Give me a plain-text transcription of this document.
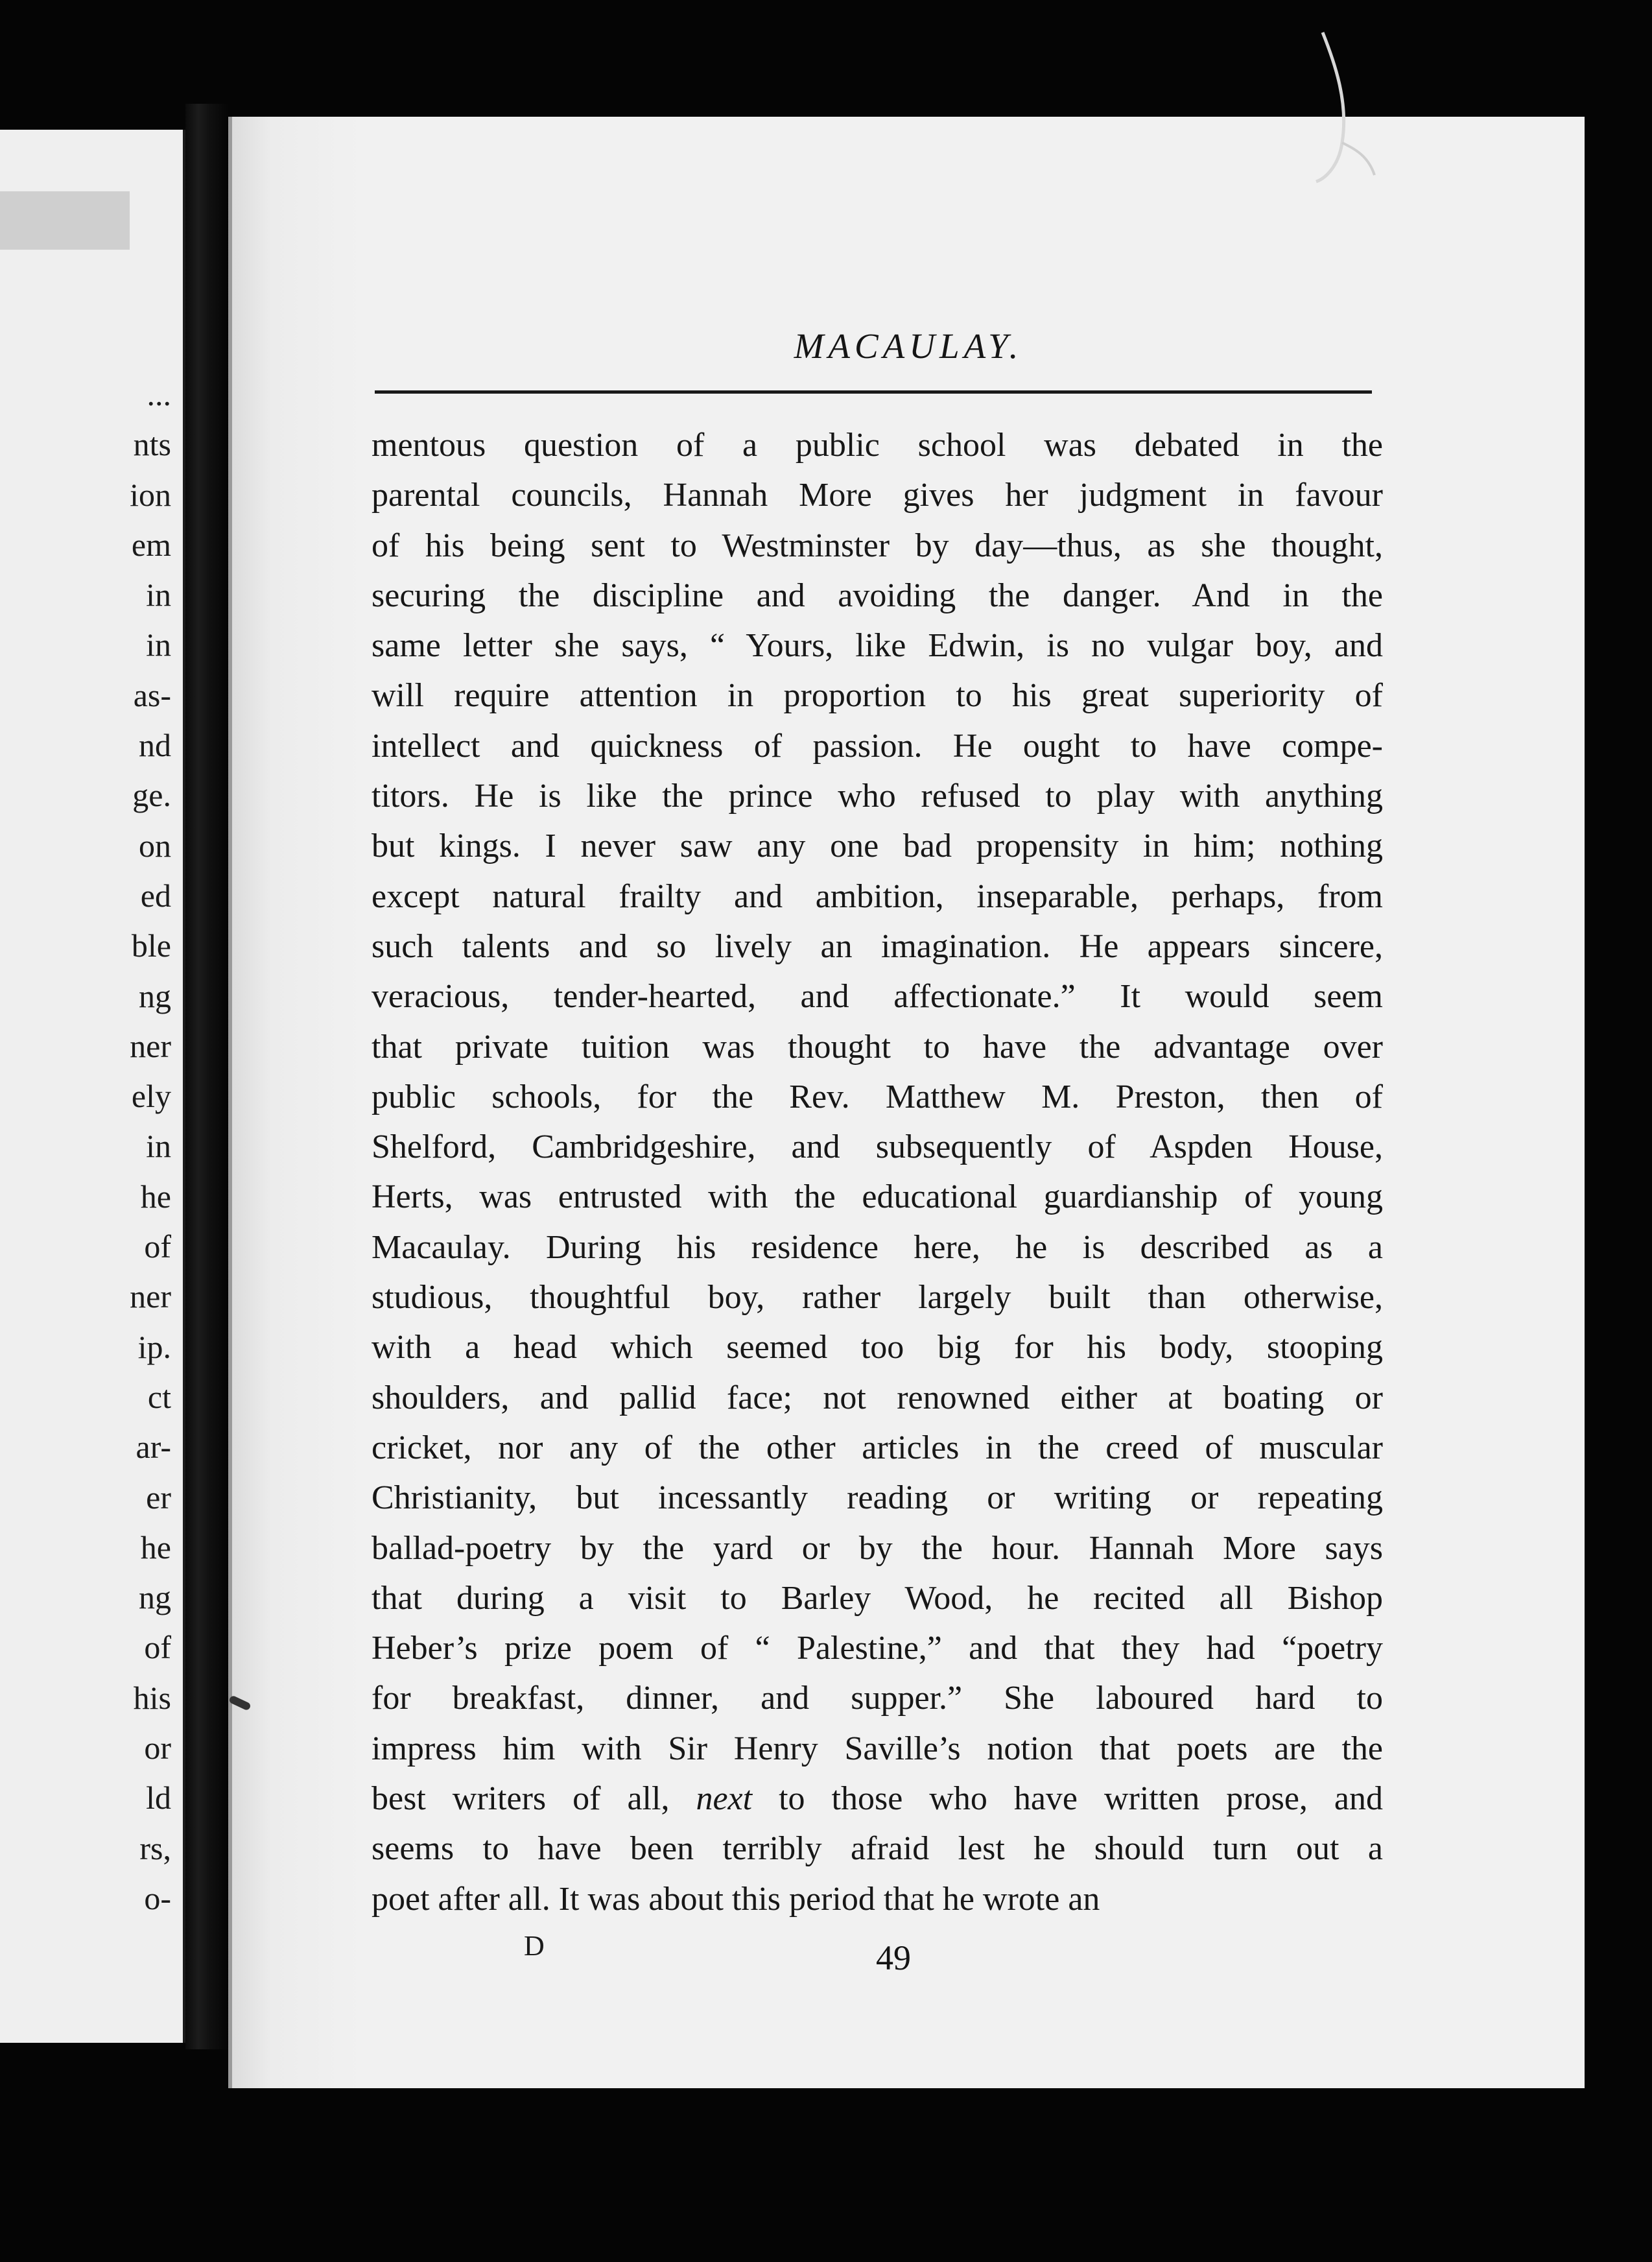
...
nts
ion
em
in
in
as-
nd
ge.
on
ed
ble
ng
ner
ely
in
he
of
ner
ip.
ct
ar-
er
he
ng
of
his
or
ld
rs,
o-
MACAULAY.
mentous question of a public school was debated in the
parental councils, Hannah More gives her judgment in favour
of his being sent to Westminster by day—thus, as she thought,
securing the discipline and avoiding the danger. And in the
same letter she says, “ Yours, like Edwin, is no vulgar boy, and
will require attention in proportion to his great superiority of
intellect and quickness of passion. He ought to have compe-
titors. He is like the prince who refused to play with anything
but kings. I never saw any one bad propensity in him; nothing
except natural frailty and ambition, inseparable, perhaps, from
such talents and so lively an imagination. He appears sincere,
veracious, tender-hearted, and affectionate.” It would seem
that private tuition was thought to have the advantage over
public schools, for the Rev. Matthew M. Preston, then of
Shelford, Cambridgeshire, and subsequently of Aspden House,
Herts, was entrusted with the educational guardianship of young
Macaulay. During his residence here, he is described as a
studious, thoughtful boy, rather largely built than otherwise,
with a head which seemed too big for his body, stooping
shoulders, and pallid face; not renowned either at boating or
cricket, nor any of the other articles in the creed of muscular
Christianity, but incessantly reading or writing or repeating
ballad-poetry by the yard or by the hour. Hannah More says
that during a visit to Barley Wood, he recited all Bishop
Heber’s prize poem of “ Palestine,” and that they had “poetry
for breakfast, dinner, and supper.” She laboured hard to
impress him with Sir Henry Saville’s notion that poets are the
best writers of all, next to those who have written prose, and
seems to have been terribly afraid lest he should turn out a
poet after all. It was about this period that he wrote an
D	49
